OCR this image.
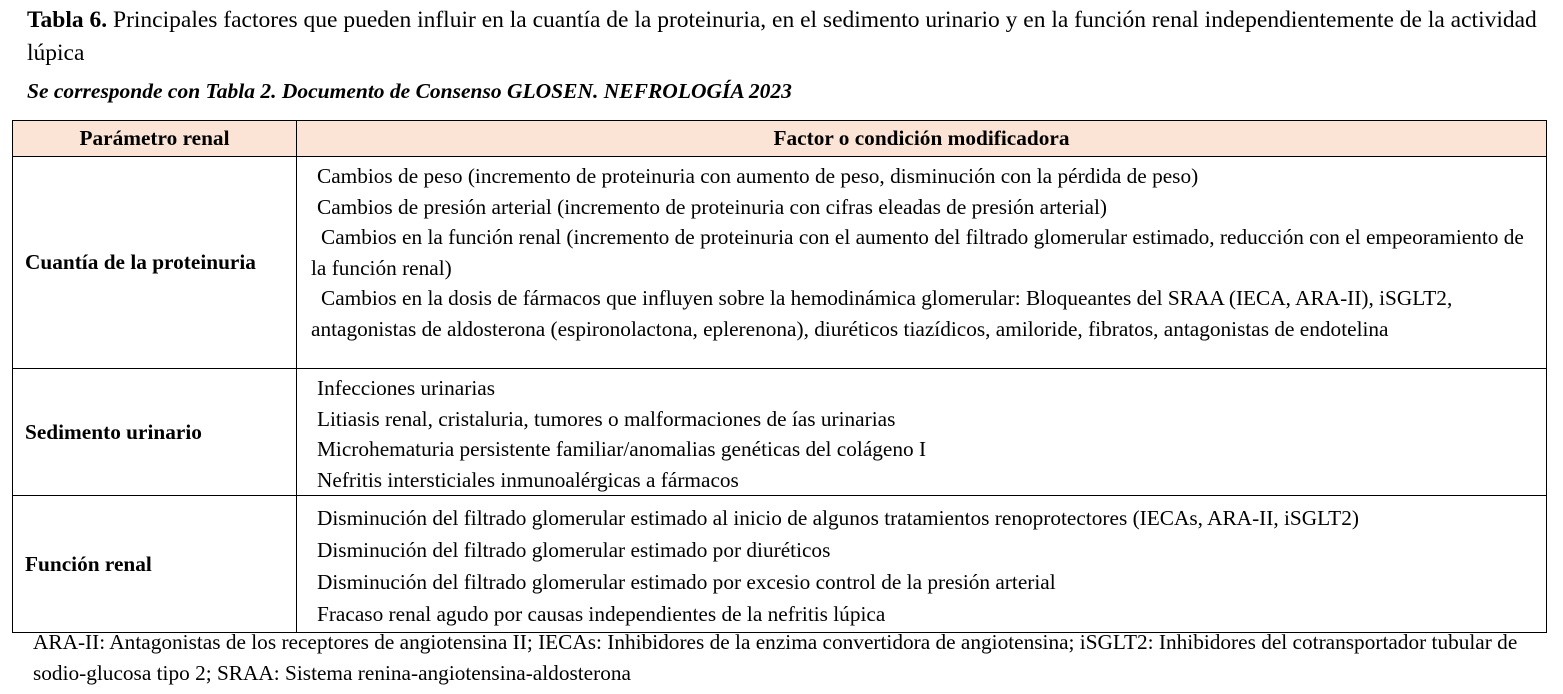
Tabla 6. Principales factores que pueden influir en la cuantía de la proteinuria, en el sedimento urinario y en la función renal independientemente de la actividad lúpica
Se corresponde con Tabla 2. Documento de Consenso GLOSEN. NEFROLOGÍA 2023
Parámetro renal	Factor o condición modificadora
Cuantía de la proteinuria	Cambios de peso (incremento de proteinuria con aumento de peso, disminución con la pérdida de peso)
Cambios de presión arterial (incremento de proteinuria con cifras eleadas de presión arterial)
Cambios en la función renal (incremento de proteinuria con el aumento del filtrado glomerular estimado, reducción con el empeoramiento de la función renal)
Cambios en la dosis de fármacos que influyen sobre la hemodinámica glomerular: Bloqueantes del SRAA (IECA, ARA-II), iSGLT2, antagonistas de aldosterona (espironolactona, eplerenona), diuréticos tiazídicos, amiloride, fibratos, antagonistas de endotelina

Sedimento urinario	Infecciones urinarias
Litiasis renal, cristaluria, tumores o malformaciones de ías urinarias
Microhematuria persistente familiar/anomalias genéticas del colágeno I
Nefritis intersticiales inmunoalérgicas a fármacos

Función renal	Disminución del filtrado glomerular estimado al inicio de algunos tratamientos renoprotectores (IECAs, ARA-II, iSGLT2)
Disminución del filtrado glomerular estimado por diuréticos
Disminución del filtrado glomerular estimado por excesio control de la presión arterial
Fracaso renal agudo por causas independientes de la nefritis lúpica
ARA-II: Antagonistas de los receptores de angiotensina II; IECAs: Inhibidores de la enzima convertidora de angiotensina; iSGLT2: Inhibidores del cotransportador tubular de sodio-glucosa tipo 2; SRAA: Sistema renina-angiotensina-aldosterona
